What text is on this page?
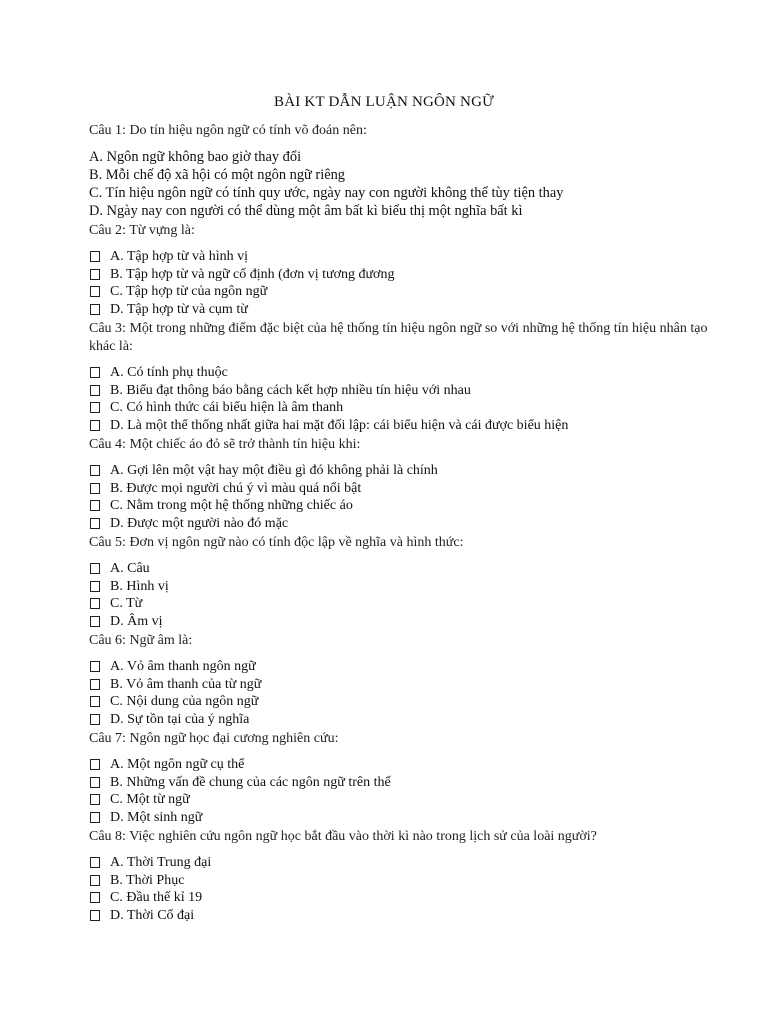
BÀI KT DẪN LUẬN NGÔN NGỮ

Câu 1: Do tín hiệu ngôn ngữ có tính võ đoán nên:

A. Ngôn ngữ không bao giờ thay đổi

B. Mỗi chế độ xã hội có một ngôn ngữ riêng

C. Tín hiệu ngôn ngữ có tính quy ước, ngày nay con người không thể tùy tiện thay

D. Ngày nay con người có thể dùng một âm bất kì biểu thị một nghĩa bất kì

Câu 2: Từ vựng là:

A. Tập hợp từ và hình vị
B. Tập hợp từ và ngữ cố định (đơn vị tương đương
C. Tập hợp từ của ngôn ngữ
D. Tập hợp từ và cụm từ

Câu 3: Một trong những điểm đặc biệt của hệ thống tín hiệu ngôn ngữ so với những hệ thống tín hiệu nhân tạo khác là:

A. Có tính phụ thuộc
B. Biểu đạt thông báo bằng cách kết hợp nhiều tín hiệu với nhau
C. Có hình thức cái biểu hiện là âm thanh
D. Là một thể thống nhất giữa hai mặt đối lập: cái biểu hiện và cái được biểu hiện

Câu 4: Một chiếc áo đỏ sẽ trở thành tín hiệu khi:

A. Gợi lên một vật hay một điều gì đó không phải là chính
B. Được mọi người chú ý vì màu quá nổi bật
C. Nằm trong một hệ thống những chiếc áo
D. Được một người nào đó mặc

Câu 5: Đơn vị ngôn ngữ nào có tính độc lập về nghĩa và hình thức:

A. Câu
B. Hình vị
C. Từ
D. Âm vị

Câu 6: Ngữ âm là:

A. Vỏ âm thanh ngôn ngữ
B. Vỏ âm thanh của từ ngữ
C. Nội dung của ngôn ngữ
D. Sự tồn tại của ý nghĩa

Câu 7: Ngôn ngữ học đại cương nghiên cứu:

A. Một ngôn ngữ cụ thể
B. Những vấn đề chung của các ngôn ngữ trên thế
C. Một từ ngữ
D. Một sinh ngữ

Câu 8: Việc nghiên cứu ngôn ngữ học bắt đầu vào thời kì nào trong lịch sử của loài người?

A. Thời Trung đại
B. Thời Phục
C. Đầu thế kỉ 19
D. Thời Cổ đại
